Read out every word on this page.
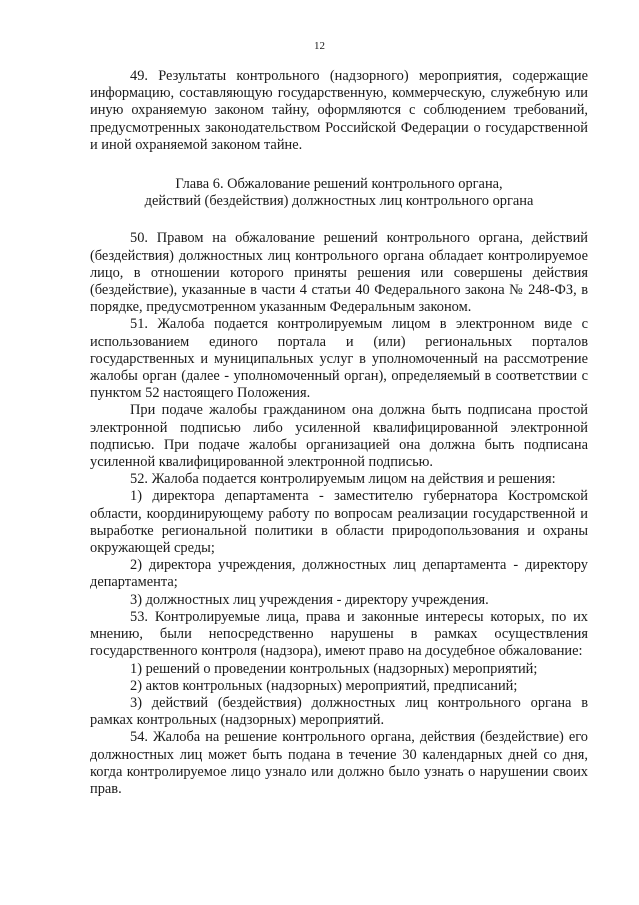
12

49. Результаты контрольного (надзорного) мероприятия, содержащие информацию, составляющую государственную, коммерческую, служебную или иную охраняемую законом тайну, оформляются с соблюдением требований, предусмотренных законодательством Российской Федерации о государственной и иной охраняемой законом тайне.

Глава 6. Обжалование решений контрольного органа,
действий (бездействия) должностных лиц контрольного органа

50. Правом на обжалование решений контрольного органа, действий (бездействия) должностных лиц контрольного органа обладает контролируемое лицо, в отношении которого приняты решения или совершены действия (бездействие), указанные в части 4 статьи 40 Федерального закона № 248-ФЗ, в порядке, предусмотренном указанным Федеральным законом.

51. Жалоба подается контролируемым лицом в электронном виде с использованием единого портала и (или) региональных порталов государственных и муниципальных услуг в уполномоченный на рассмотрение жалобы орган (далее - уполномоченный орган), определяемый в соответствии с пунктом 52 настоящего Положения.

При подаче жалобы гражданином она должна быть подписана простой электронной подписью либо усиленной квалифицированной электронной подписью. При подаче жалобы организацией она должна быть подписана усиленной квалифицированной электронной подписью.

52. Жалоба подается контролируемым лицом на действия и решения:

1) директора департамента - заместителю губернатора Костромской области, координирующему работу по вопросам реализации государственной и выработке региональной политики в области природопользования и охраны окружающей среды;

2) директора учреждения, должностных лиц департамента - директору департамента;

3) должностных лиц учреждения - директору учреждения.

53. Контролируемые лица, права и законные интересы которых, по их мнению, были непосредственно нарушены в рамках осуществления государственного контроля (надзора), имеют право на досудебное обжалование:

1) решений о проведении контрольных (надзорных) мероприятий;

2) актов контрольных (надзорных) мероприятий, предписаний;

3) действий (бездействия) должностных лиц контрольного органа в рамках контрольных (надзорных) мероприятий.

54. Жалоба на решение контрольного органа, действия (бездействие) его должностных лиц может быть подана в течение 30 календарных дней со дня, когда контролируемое лицо узнало или должно было узнать о нарушении своих прав.
